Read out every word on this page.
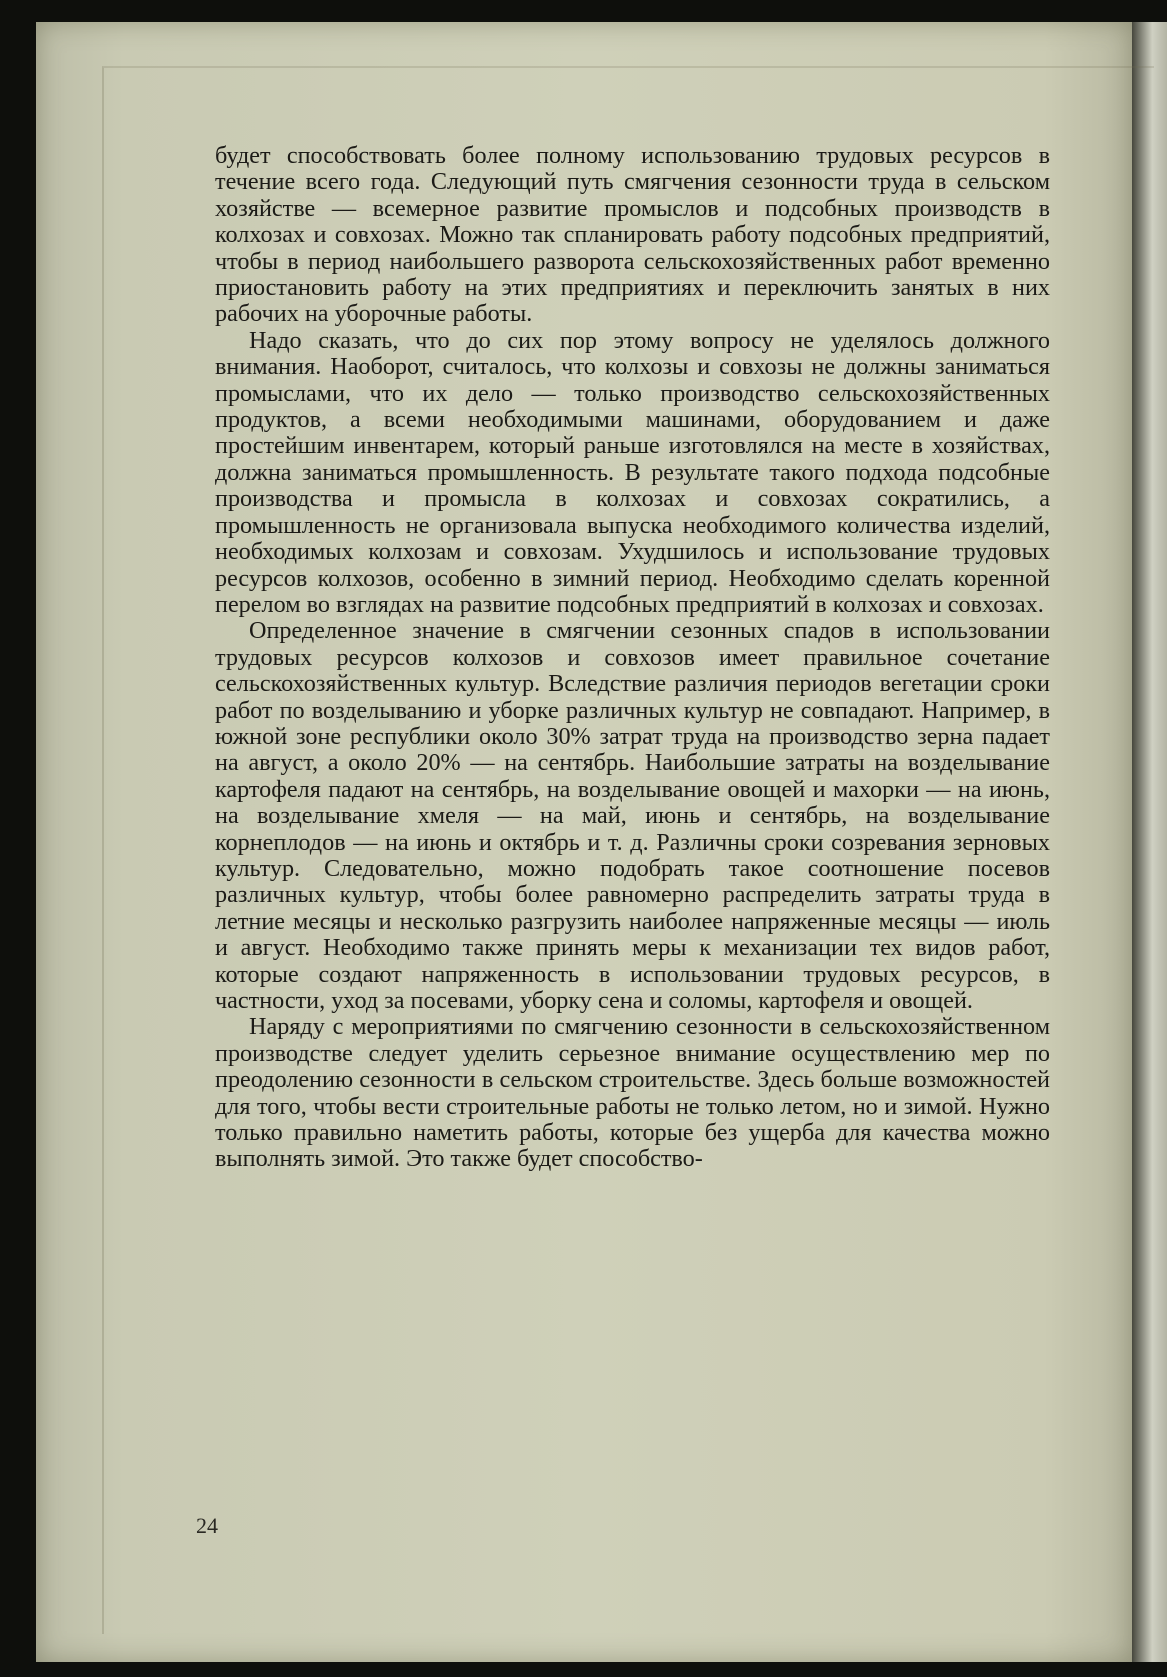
будет способствовать более полному использованию трудовых ресурсов в течение всего года. Следующий путь смягчения сезонности труда в сельском хозяйстве — всемерное развитие промыслов и подсобных производств в колхозах и совхозах. Можно так спланировать работу подсобных предприятий, чтобы в период наибольшего разворота сельскохозяйственных работ временно приостановить работу на этих предприятиях и переключить занятых в них рабочих на уборочные работы.

Надо сказать, что до сих пор этому вопросу не уделялось должного внимания. Наоборот, считалось, что колхозы и совхозы не должны заниматься промыслами, что их дело — только производство сельскохозяйственных продуктов, а всеми необходимыми машинами, оборудованием и даже простейшим инвентарем, который раньше изготовлялся на месте в хозяйствах, должна заниматься промышленность. В результате такого подхода подсобные производства и промысла в колхозах и совхозах сократились, а промышленность не организовала выпуска необходимого количества изделий, необходимых колхозам и совхозам. Ухудшилось и использование трудовых ресурсов колхозов, особенно в зимний период. Необходимо сделать коренной перелом во взглядах на развитие подсобных предприятий в колхозах и совхозах.

Определенное значение в смягчении сезонных спадов в использовании трудовых ресурсов колхозов и совхозов имеет правильное сочетание сельскохозяйственных культур. Вследствие различия периодов вегетации сроки работ по возделыванию и уборке различных культур не совпадают. Например, в южной зоне республики около 30% затрат труда на производство зерна падает на август, а около 20% — на сентябрь. Наибольшие затраты на возделывание картофеля падают на сентябрь, на возделывание овощей и махорки — на июнь, на возделывание хмеля — на май, июнь и сентябрь, на возделывание корнеплодов — на июнь и октябрь и т. д. Различны сроки созревания зерновых культур. Следовательно, можно подобрать такое соотношение посевов различных культур, чтобы более равномерно распределить затраты труда в летние месяцы и несколько разгрузить наиболее напряженные месяцы — июль и август. Необходимо также принять меры к механизации тех видов работ, которые создают напряженность в использовании трудовых ресурсов, в частности, уход за посевами, уборку сена и соломы, картофеля и овощей.

Наряду с мероприятиями по смягчению сезонности в сельскохозяйственном производстве следует уделить серьезное внимание осуществлению мер по преодолению сезонности в сельском строительстве. Здесь больше возможностей для того, чтобы вести строительные работы не только летом, но и зимой. Нужно только правильно наметить работы, которые без ущерба для качества можно выполнять зимой. Это также будет способство-

24
